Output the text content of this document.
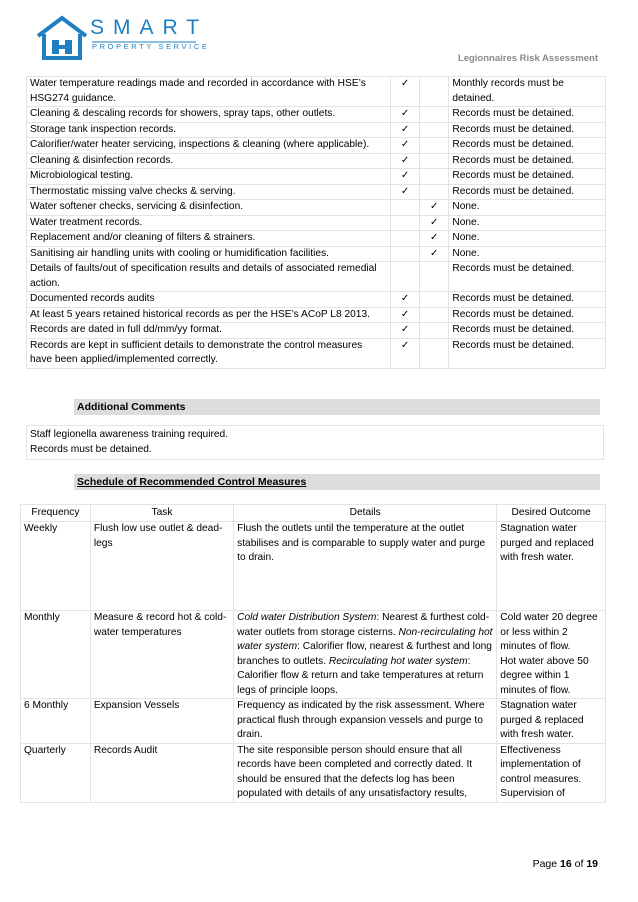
SMART
PROPERTY SERVICE
Legionnaires Risk Assessment
Water temperature readings made and recorded in accordance with HSE’s HSG274 guidance.	✓		Monthly records must be detained.
Cleaning & descaling records for showers, spray taps, other outlets.	✓		Records must be detained.
Storage tank inspection records.	✓		Records must be detained.
Calorifier/water heater servicing, inspections & cleaning (where applicable).	✓		Records must be detained.
Cleaning & disinfection records.	✓		Records must be detained.
Microbiological testing.	✓		Records must be detained.
Thermostatic missing valve checks & serving.	✓		Records must be detained.
Water softener checks, servicing & disinfection.		✓	None.
Water treatment records.		✓	None.
Replacement and/or cleaning of filters & strainers.		✓	None.
Sanitising air handling units with cooling or humidification facilities.		✓	None.
Details of faults/out of specification results and details of associated remedial action.			Records must be detained.
Documented records audits	✓		Records must be detained.
At least 5 years retained historical records as per the HSE’s ACoP L8 2013.	✓		Records must be detained.
Records are dated in full dd/mm/yy format.	✓		Records must be detained.
Records are kept in sufficient details to demonstrate the control measures have been applied/implemented correctly.	✓		Records must be detained.
Additional Comments
Staff legionella awareness training required.
Records must be detained.
Schedule of Recommended Control Measures
Frequency	Task	Details	Desired Outcome
Weekly	Flush low use outlet & dead-legs	Flush the outlets until the temperature at the outlet stabilises and is comparable to supply water and purge to drain.	Stagnation water purged and replaced with fresh water.
Monthly	Measure & record hot & cold-water temperatures	Cold water Distribution System: Nearest & furthest cold-water outlets from storage cisterns. Non-recirculating hot water system: Calorifier flow, nearest & furthest and long branches to outlets. Recirculating hot water system: Calorifier flow & return and take temperatures at return legs of principle loops.	Cold water 20 degree or less within 2 minutes of flow.
Hot water above 50 degree within 1 minutes of flow.

6 Monthly	Expansion Vessels	Frequency as indicated by the risk assessment. Where practical flush through expansion vessels and purge to drain.	Stagnation water purged & replaced with fresh water.
Quarterly	Records Audit	The site responsible person should ensure that all records have been completed and correctly dated. It should be ensured that the defects log has been populated with details of any unsatisfactory results,	Effectiveness implementation of control measures. Supervision of
Page 16 of 19
